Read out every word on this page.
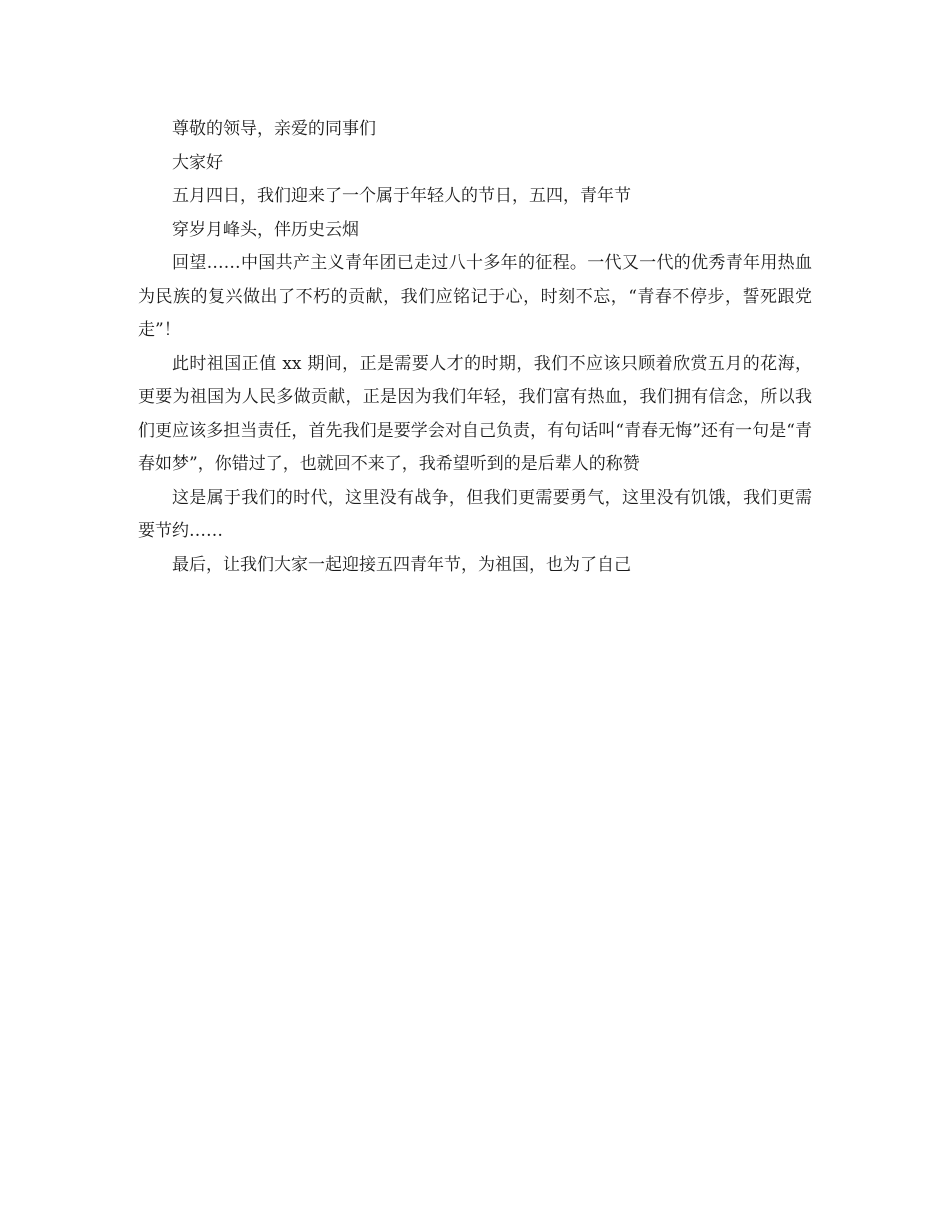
尊敬的领导，亲爱的同事们

大家好

五月四日，我们迎来了一个属于年轻人的节日，五四，青年节

穿岁月峰头，伴历史云烟

回望……中国共产主义青年团已走过八十多年的征程。一代又一代的优秀青年用热血为民族的复兴做出了不朽的贡献，我们应铭记于心，时刻不忘，“青春不停步，誓死跟党走”！

此时祖国正值 xx 期间，正是需要人才的时期，我们不应该只顾着欣赏五月的花海，更要为祖国为人民多做贡献，正是因为我们年轻，我们富有热血，我们拥有信念，所以我们更应该多担当责任，首先我们是要学会对自己负责，有句话叫“青春无悔”还有一句是“青春如梦”，你错过了，也就回不来了，我希望听到的是后辈人的称赞

这是属于我们的时代，这里没有战争，但我们更需要勇气，这里没有饥饿，我们更需要节约……

最后，让我们大家一起迎接五四青年节，为祖国，也为了自己
